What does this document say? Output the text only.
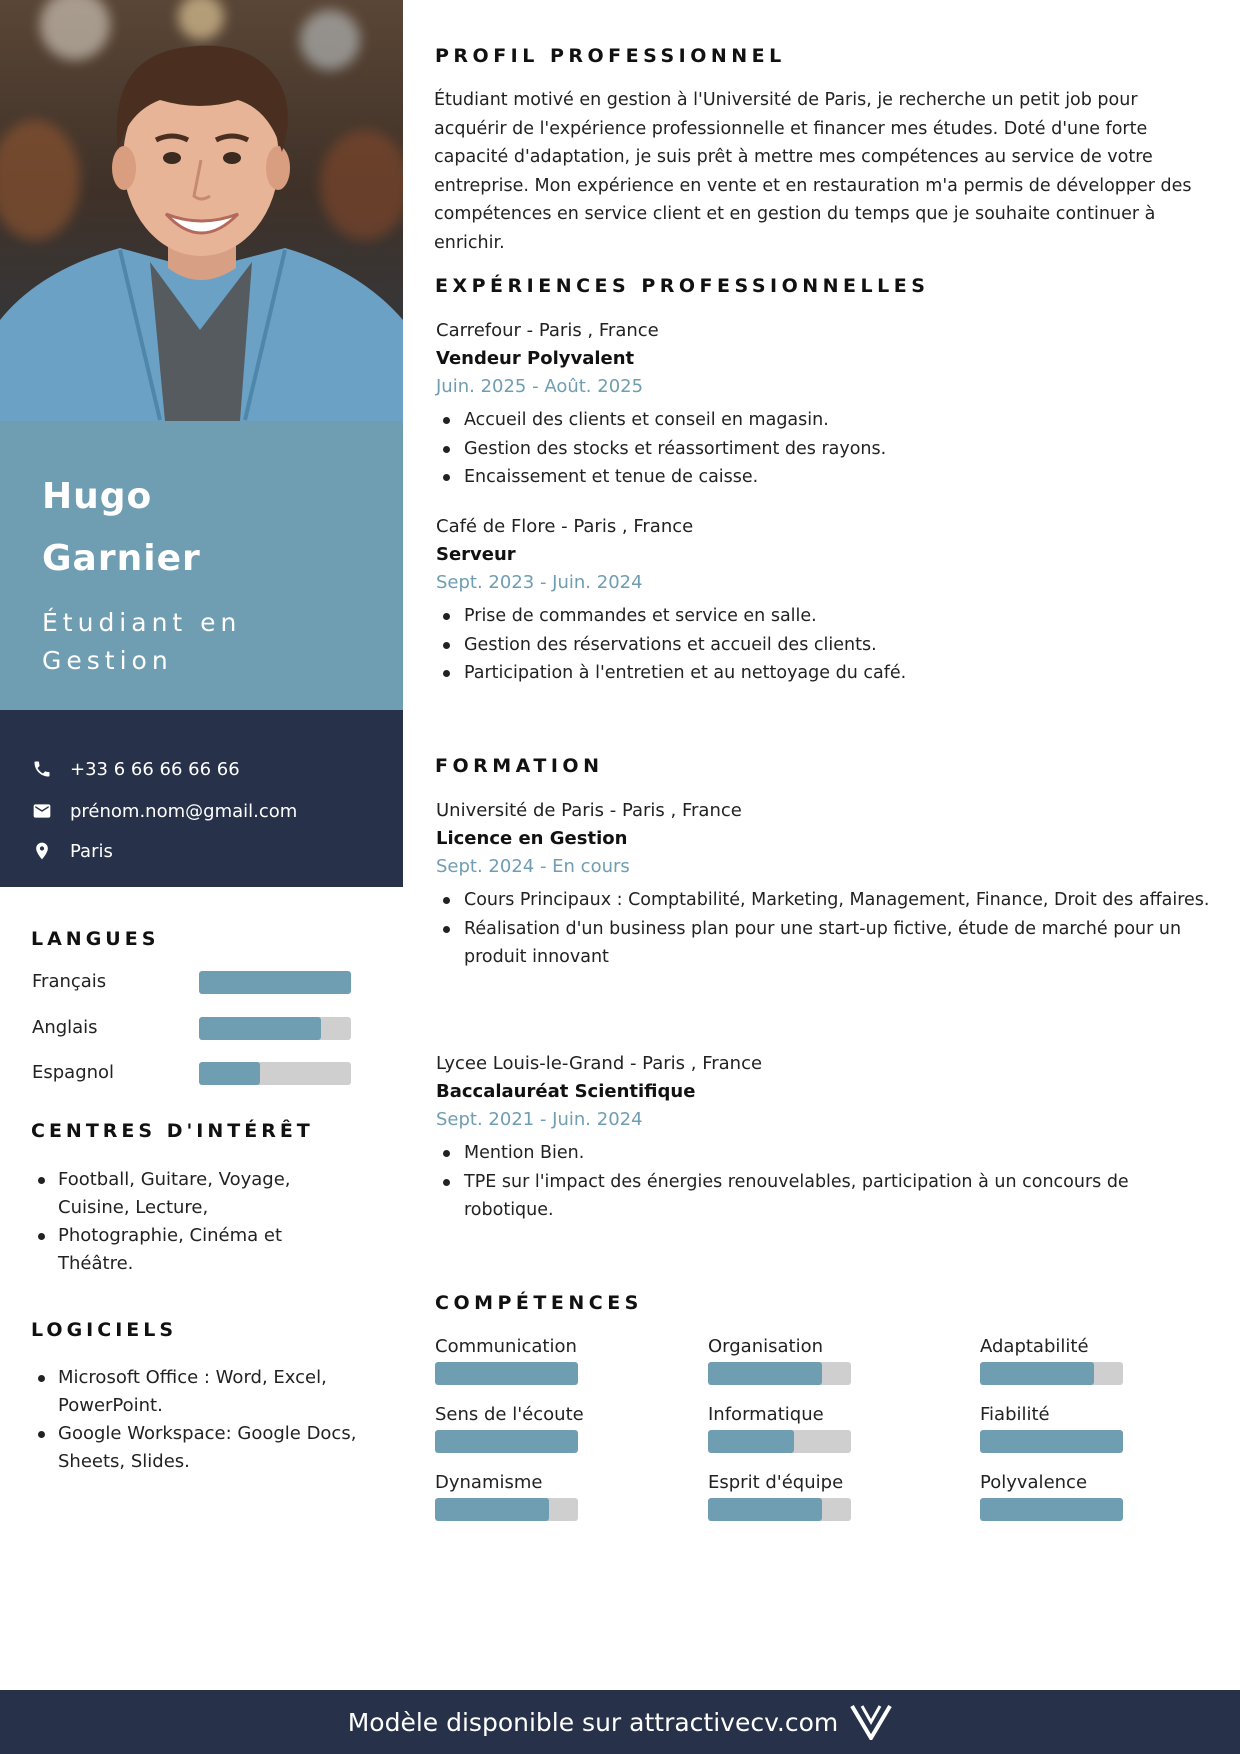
Hugo
Garnier
Étudiant en Gestion
+33 6 66 66 66 66
prénom.nom@gmail.com
Paris
LANGUES
Français
Anglais
Espagnol
CENTRES D'INTÉRÊT
Football, Guitare, Voyage, Cuisine, Lecture,
Photographie, Cinéma et Théâtre.
LOGICIELS
Microsoft Office : Word, Excel, PowerPoint.
Google Workspace: Google Docs, Sheets, Slides.
PROFIL PROFESSIONNEL

Étudiant motivé en gestion à l'Université de Paris, je recherche un petit job pour acquérir de l'expérience professionnelle et financer mes études. Doté d'une forte capacité d'adaptation, je suis prêt à mettre mes compétences au service de votre entreprise. Mon expérience en vente et en restauration m'a permis de développer des compétences en service client et en gestion du temps que je souhaite continuer à enrichir.

EXPÉRIENCES PROFESSIONNELLES
Carrefour - Paris , France
Vendeur Polyvalent
Juin. 2025 - Août. 2025
Accueil des clients et conseil en magasin.
Gestion des stocks et réassortiment des rayons.
Encaissement et tenue de caisse.
Café de Flore - Paris , France
Serveur
Sept. 2023 - Juin. 2024
Prise de commandes et service en salle.
Gestion des réservations et accueil des clients.
Participation à l'entretien et au nettoyage du café.
FORMATION
Université de Paris - Paris , France
Licence en Gestion
Sept. 2024 - En cours
Cours Principaux : Comptabilité, Marketing, Management, Finance, Droit des affaires.
Réalisation d'un business plan pour une start-up fictive, étude de marché pour un produit innovant
Lycee Louis-le-Grand - Paris , France
Baccalauréat Scientifique
Sept. 2021 - Juin. 2024
Mention Bien.
TPE sur l'impact des énergies renouvelables, participation à un concours de robotique.
COMPÉTENCES
Communication	Organisation	Adaptabilité
Sens de l'écoute	Informatique	Fiabilité
Dynamisme	Esprit d'équipe	Polyvalence
Modèle disponible sur attractivecv.com
